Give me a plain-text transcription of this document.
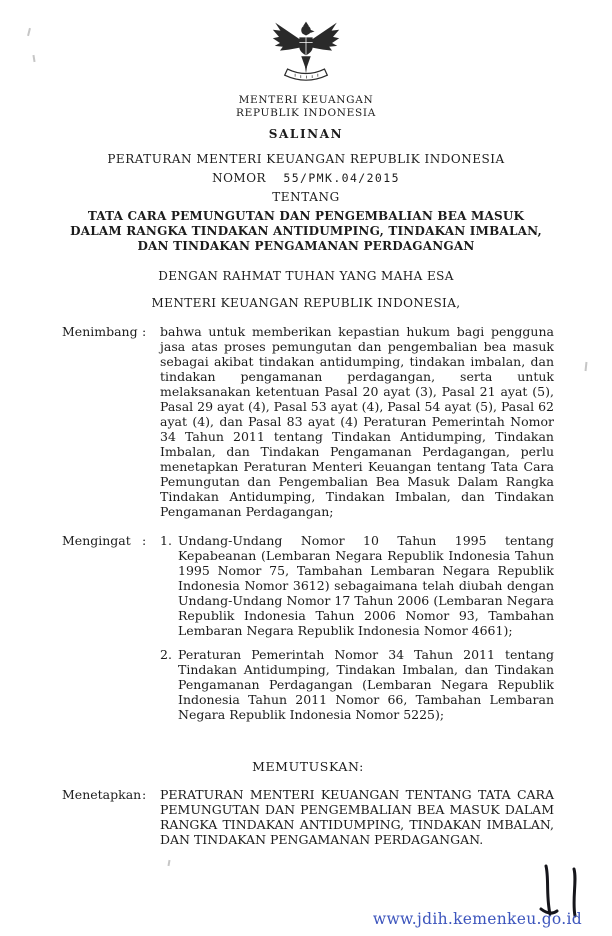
MENTERI KEUANGAN
REPUBLIK INDONESIA
SALINAN
PERATURAN MENTERI KEUANGAN REPUBLIK INDONESIA
NOMOR 55/PMK.04/2015
TENTANG
TATA CARA PEMUNGUTAN DAN PENGEMBALIAN BEA MASUK
DALAM RANGKA TINDAKAN ANTIDUMPING, TINDAKAN IMBALAN,
DAN TINDAKAN PENGAMANAN PERDAGANGAN
DENGAN RAHMAT TUHAN YANG MAHA ESA
MENTERI KEUANGAN REPUBLIK INDONESIA,
Menimbang :	bahwa untuk memberikan kepastian hukum bagi pengguna jasa atas proses pemungutan dan pengembalian bea masuk sebagai akibat tindakan antidumping, tindakan imbalan, dan tindakan pengamanan perdagangan, serta untuk melaksanakan ketentuan Pasal 20 ayat (3), Pasal 21 ayat (5), Pasal 29 ayat (4), Pasal 53 ayat (4), Pasal 54 ayat (5), Pasal 62 ayat (4), dan Pasal 83 ayat (4) Peraturan Pemerintah Nomor 34 Tahun 2011 tentang Tindakan Antidumping, Tindakan Imbalan, dan Tindakan Pengamanan Perdagangan, perlu menetapkan Peraturan Menteri Keuangan tentang Tata Cara Pemungutan dan Pengembalian Bea Masuk Dalam Rangka Tindakan Antidumping, Tindakan Imbalan, dan Tindakan Pengamanan Perdagangan;
Mengingat :	1. Undang-Undang Nomor 10 Tahun 1995 tentang Kepabeanan (Lembaran Negara Republik Indonesia Tahun 1995 Nomor 75, Tambahan Lembaran Negara Republik Indonesia Nomor 3612) sebagaimana telah diubah dengan Undang-Undang Nomor 17 Tahun 2006 (Lembaran Negara Republik Indonesia Tahun 2006 Nomor 93, Tambahan Lembaran Negara Republik Indonesia Nomor 4661);
2. Peraturan Pemerintah Nomor 34 Tahun 2011 tentang Tindakan Antidumping, Tindakan Imbalan, dan Tindakan Pengamanan Perdagangan (Lembaran Negara Republik Indonesia Tahun 2011 Nomor 66, Tambahan Lembaran Negara Republik Indonesia Nomor 5225);
MEMUTUSKAN:
Menetapkan :	PERATURAN MENTERI KEUANGAN TENTANG TATA CARA PEMUNGUTAN DAN PENGEMBALIAN BEA MASUK DALAM RANGKA TINDAKAN ANTIDUMPING, TINDAKAN IMBALAN, DAN TINDAKAN PENGAMANAN PERDAGANGAN.
www.jdih.kemenkeu.go.id
